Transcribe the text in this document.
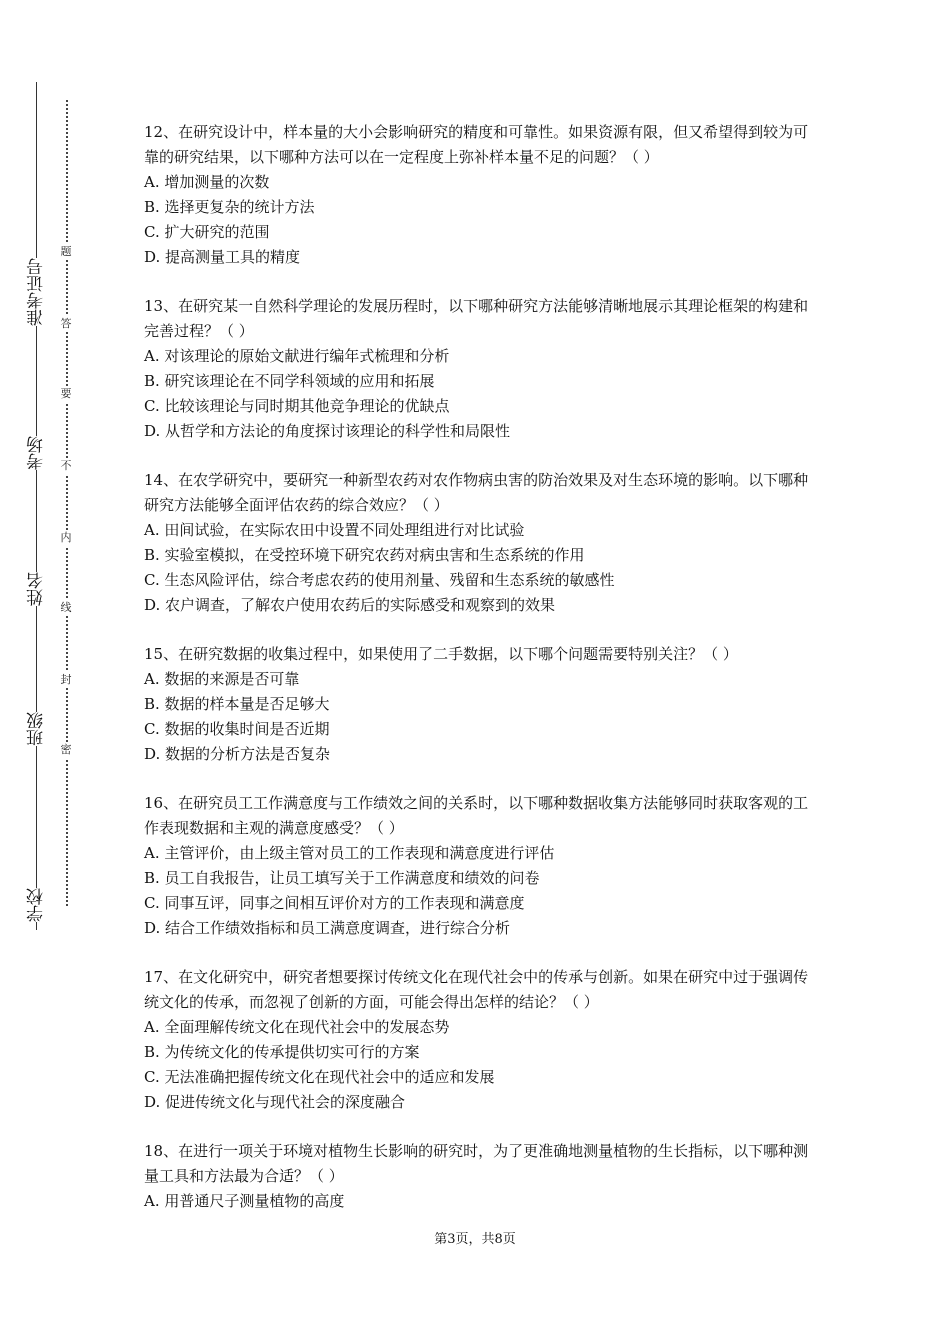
准考证号
考场
姓名
班级
学校
题
答
要
不
内
线
封
密

12、在研究设计中，样本量的大小会影响研究的精度和可靠性。如果资源有限，但又希望得到较为可靠的研究结果，以下哪种方法可以在一定程度上弥补样本量不足的问题？（ ）

A. 增加测量的次数

B. 选择更复杂的统计方法

C. 扩大研究的范围

D. 提高测量工具的精度

13、在研究某一自然科学理论的发展历程时，以下哪种研究方法能够清晰地展示其理论框架的构建和完善过程？（ ）

A. 对该理论的原始文献进行编年式梳理和分析

B. 研究该理论在不同学科领域的应用和拓展

C. 比较该理论与同时期其他竞争理论的优缺点

D. 从哲学和方法论的角度探讨该理论的科学性和局限性

14、在农学研究中，要研究一种新型农药对农作物病虫害的防治效果及对生态环境的影响。以下哪种研究方法能够全面评估农药的综合效应？（ ）

A. 田间试验，在实际农田中设置不同处理组进行对比试验

B. 实验室模拟，在受控环境下研究农药对病虫害和生态系统的作用

C. 生态风险评估，综合考虑农药的使用剂量、残留和生态系统的敏感性

D. 农户调查，了解农户使用农药后的实际感受和观察到的效果

15、在研究数据的收集过程中，如果使用了二手数据，以下哪个问题需要特别关注？（ ）

A. 数据的来源是否可靠

B. 数据的样本量是否足够大

C. 数据的收集时间是否近期

D. 数据的分析方法是否复杂

16、在研究员工工作满意度与工作绩效之间的关系时，以下哪种数据收集方法能够同时获取客观的工作表现数据和主观的满意度感受？（ ）

A. 主管评价，由上级主管对员工的工作表现和满意度进行评估

B. 员工自我报告，让员工填写关于工作满意度和绩效的问卷

C. 同事互评，同事之间相互评价对方的工作表现和满意度

D. 结合工作绩效指标和员工满意度调查，进行综合分析

17、在文化研究中，研究者想要探讨传统文化在现代社会中的传承与创新。如果在研究中过于强调传统文化的传承，而忽视了创新的方面，可能会得出怎样的结论？（ ）

A. 全面理解传统文化在现代社会中的发展态势

B. 为传统文化的传承提供切实可行的方案

C. 无法准确把握传统文化在现代社会中的适应和发展

D. 促进传统文化与现代社会的深度融合

18、在进行一项关于环境对植物生长影响的研究时，为了更准确地测量植物的生长指标，以下哪种测量工具和方法最为合适？（ ）

A. 用普通尺子测量植物的高度

第3页，共8页
